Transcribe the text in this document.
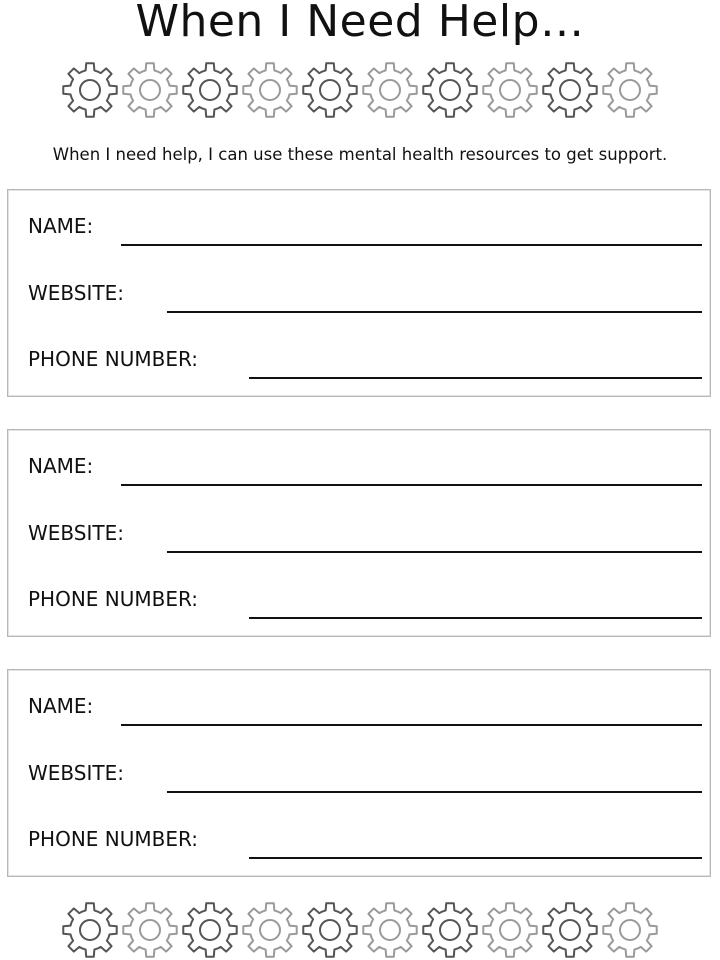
When I Need Help…

When I need help, I can use these mental health resources to get support.

NAME:
WEBSITE:
PHONE NUMBER:
NAME:
WEBSITE:
PHONE NUMBER:
NAME:
WEBSITE:
PHONE NUMBER:
